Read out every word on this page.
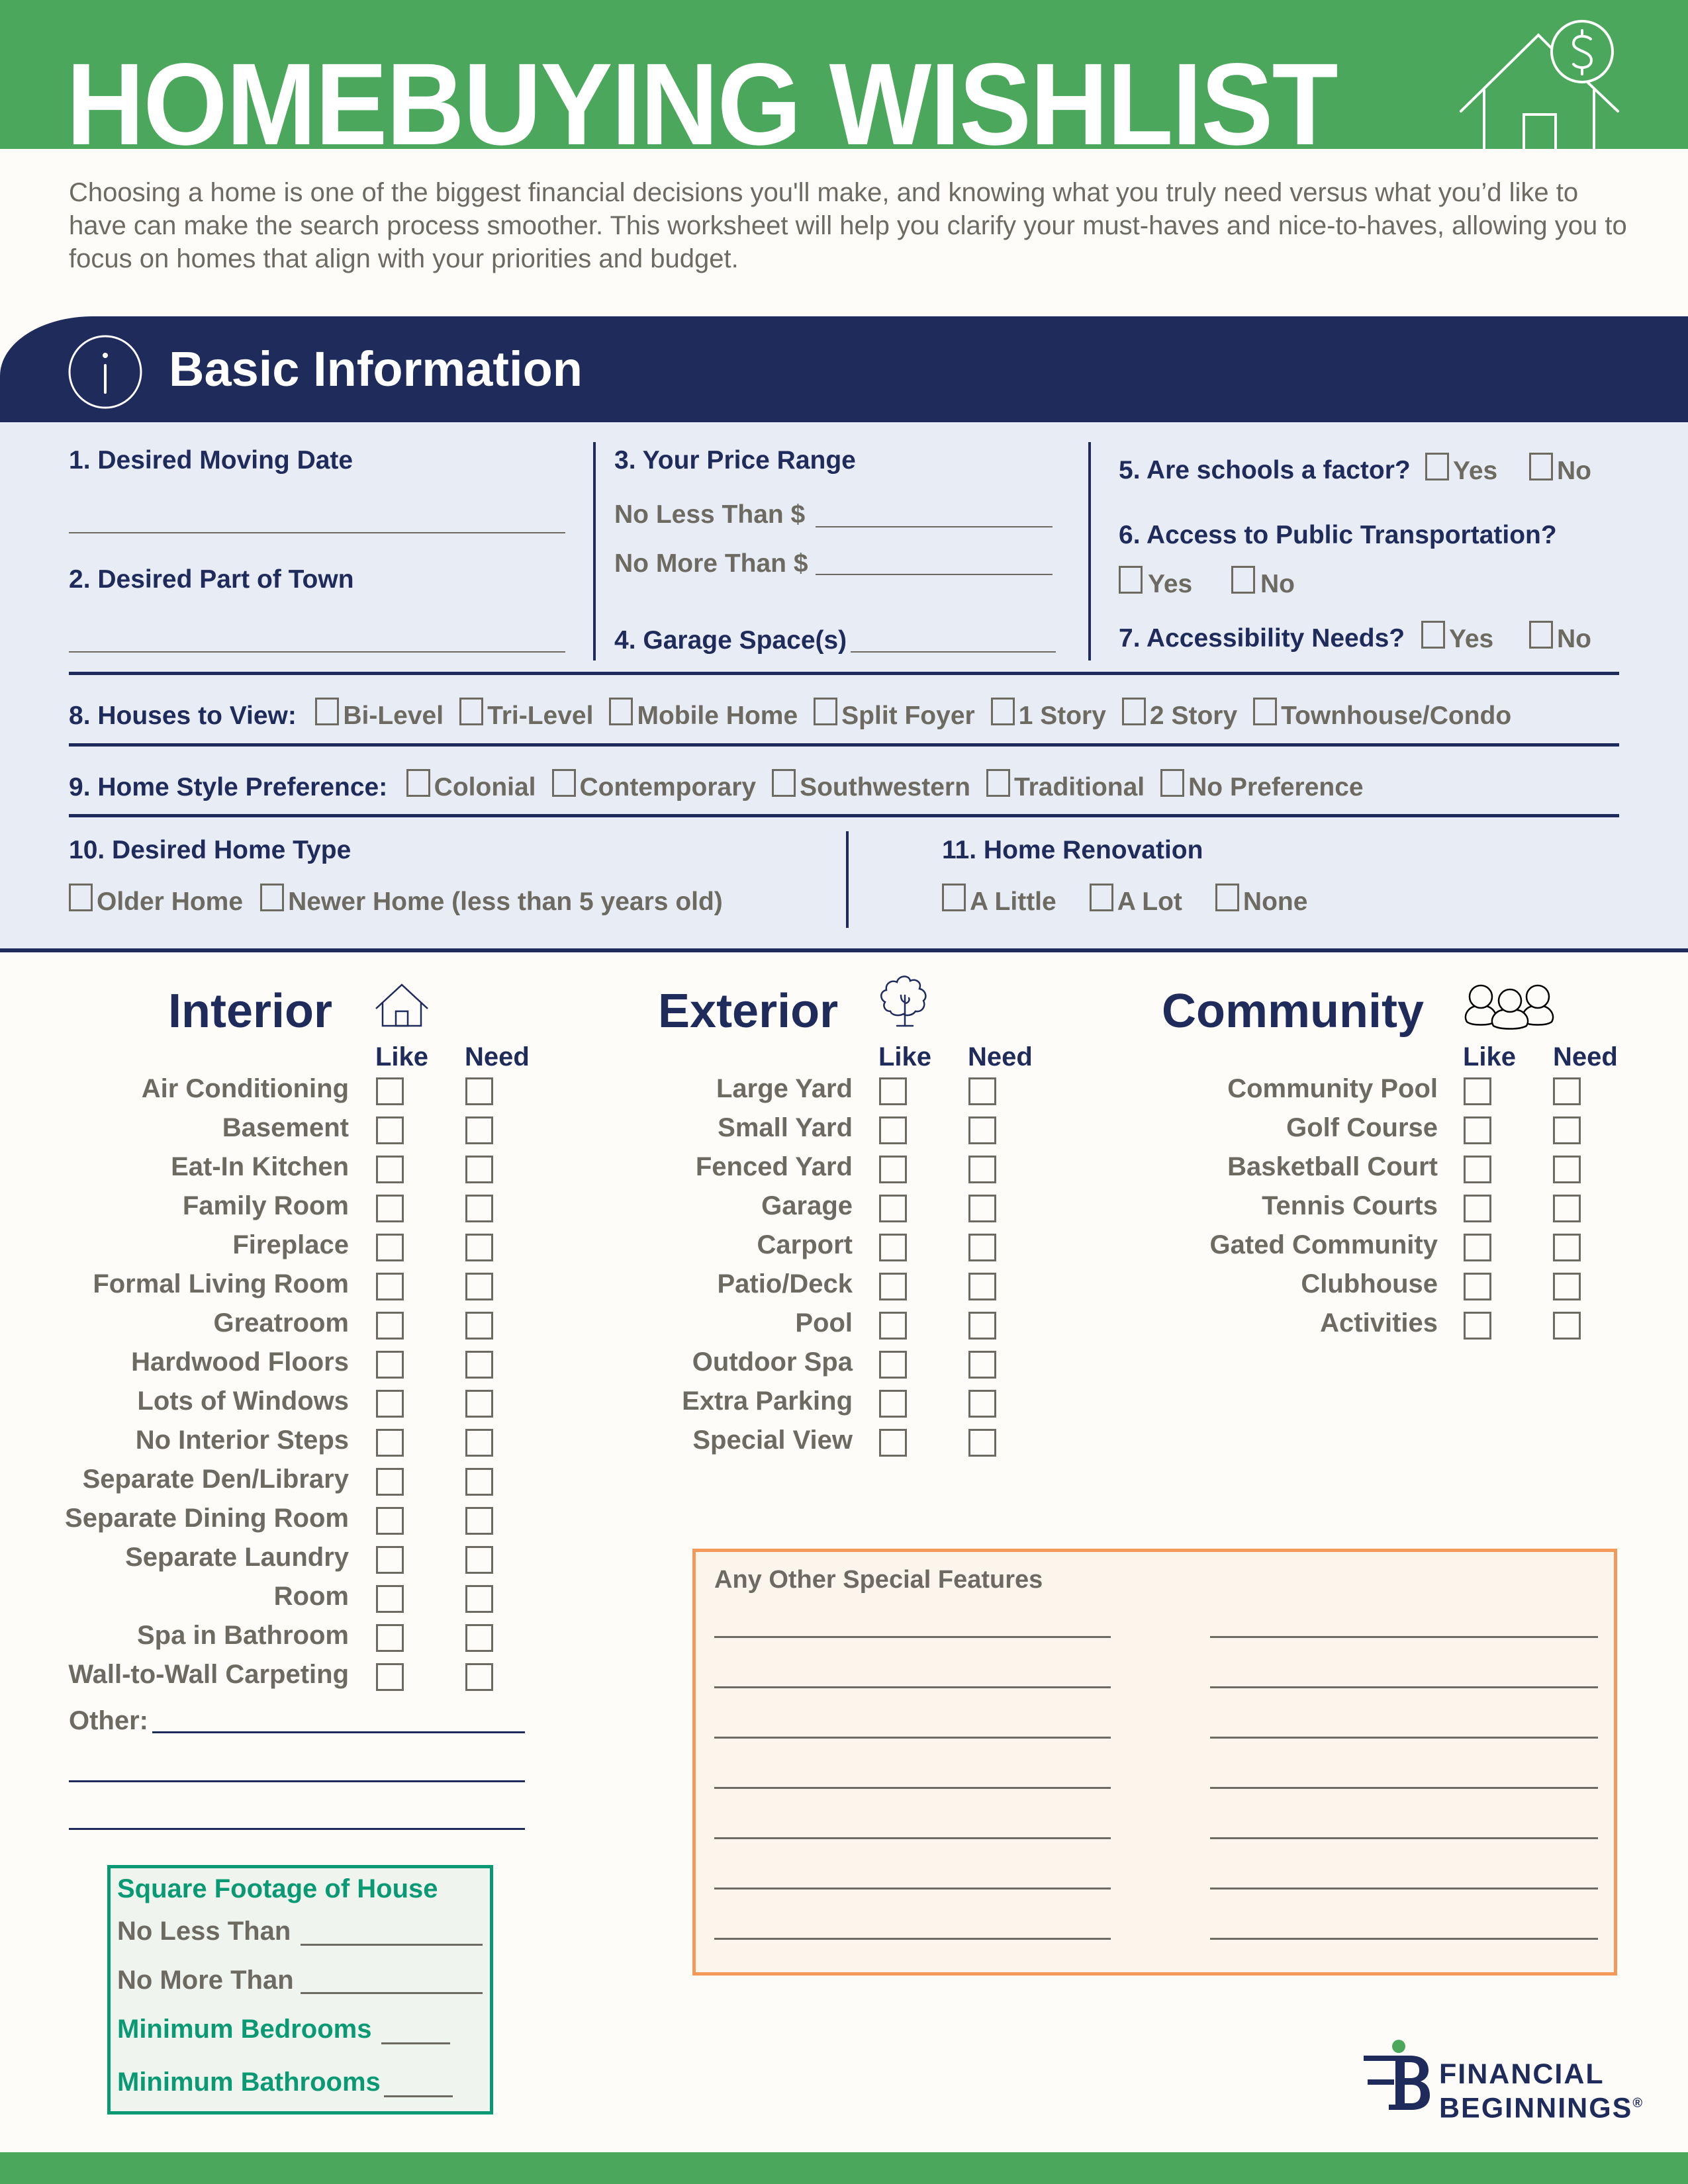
HOMEBUYING WISHLIST
Choosing a home is one of the biggest financial decisions you'll make, and knowing what you truly need versus what you’d like to have can make the search process smoother. This worksheet will help you clarify your must-haves and nice-to-haves, allowing you to focus on homes that align with your priorities and budget.
Basic Information
1. Desired Moving Date
2. Desired Part of Town
3. Your Price Range
No Less Than $
No More Than $
4. Garage Space(s)
5. Are schools a factor?	Yes	No
6. Access to Public Transportation?
Yes	No
7. Accessibility Needs?	Yes	No
8. Houses to View: Bi-Level Tri-Level Mobile Home Split Foyer 1 Story 2 Story Townhouse/Condo
9. Home Style Preference: Colonial Contemporary Southwestern Traditional No Preference
10. Desired Home Type
Older Home Newer Home (less than 5 years old)
11. Home Renovation
A Little A Lot None
Interior
Like Need
Air Conditioning
Basement
Eat-In Kitchen
Family Room
Fireplace
Formal Living Room
Greatroom
Hardwood Floors
Lots of Windows
No Interior Steps
Separate Den/Library
Separate Dining Room
Separate Laundry
Room
Spa in Bathroom
Wall-to-Wall Carpeting
Other:
Exterior
Like Need
Large Yard
Small Yard
Fenced Yard
Garage
Carport
Patio/Deck
Pool
Outdoor Spa
Extra Parking
Special View
Community
Like Need
Community Pool
Golf Course
Basketball Court
Tennis Courts
Gated Community
Clubhouse
Activities
Square Footage of House
No Less Than
No More Than
Minimum Bedrooms
Minimum Bathrooms
Any Other Special Features
FINANCIAL
BEGINNINGS®
